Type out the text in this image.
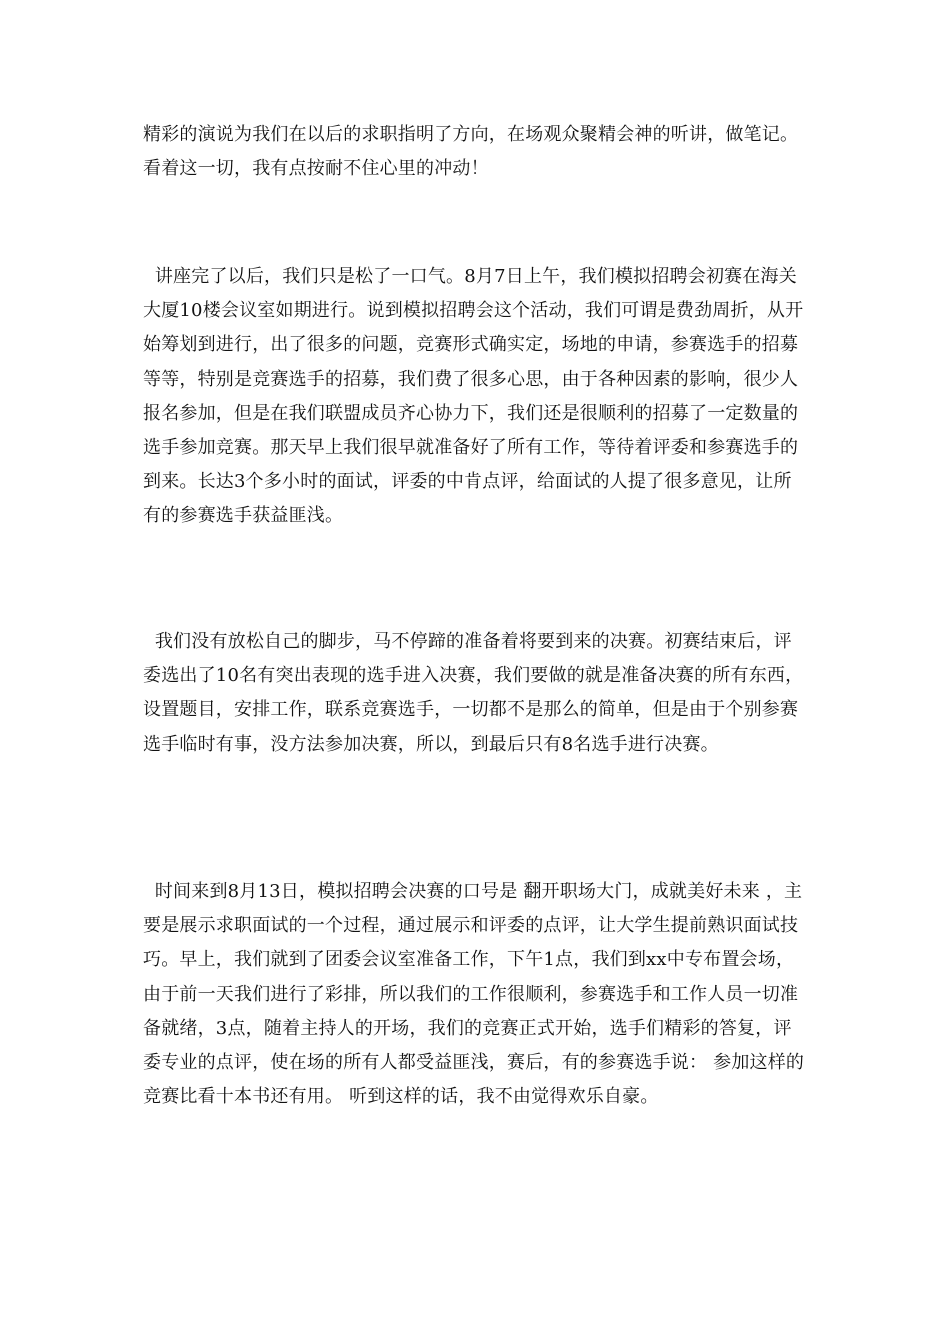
精彩的演说为我们在以后的求职指明了方向，在场观众聚精会神的听讲，做笔记。看着这一切，我有点按耐不住心里的冲动！
讲座完了以后，我们只是松了一口气。8月7日上午，我们模拟招聘会初赛在海关大厦10楼会议室如期进行。说到模拟招聘会这个活动，我们可谓是费劲周折，从开始筹划到进行，出了很多的问题，竞赛形式确实定，场地的申请，参赛选手的招募等等，特别是竞赛选手的招募，我们费了很多心思，由于各种因素的影响，很少人报名参加，但是在我们联盟成员齐心协力下，我们还是很顺利的招募了一定数量的选手参加竞赛。那天早上我们很早就准备好了所有工作，等待着评委和参赛选手的到来。长达3个多小时的面试，评委的中肯点评，给面试的人提了很多意见，让所有的参赛选手获益匪浅。
我们没有放松自己的脚步，马不停蹄的准备着将要到来的决赛。初赛结束后，评委选出了10名有突出表现的选手进入决赛，我们要做的就是准备决赛的所有东西，设置题目，安排工作，联系竞赛选手，一切都不是那么的简单，但是由于个别参赛选手临时有事，没方法参加决赛，所以，到最后只有8名选手进行决赛。
时间来到8月13日，模拟招聘会决赛的口号是 翻开职场大门，成就美好未来 ，主要是展示求职面试的一个过程，通过展示和评委的点评，让大学生提前熟识面试技巧。早上，我们就到了团委会议室准备工作，下午1点，我们到xx中专布置会场，由于前一天我们进行了彩排，所以我们的工作很顺利，参赛选手和工作人员一切准备就绪，3点，随着主持人的开场，我们的竞赛正式开始，选手们精彩的答复，评委专业的点评，使在场的所有人都受益匪浅，赛后，有的参赛选手说： 参加这样的竞赛比看十本书还有用。 听到这样的话，我不由觉得欢乐自豪。
